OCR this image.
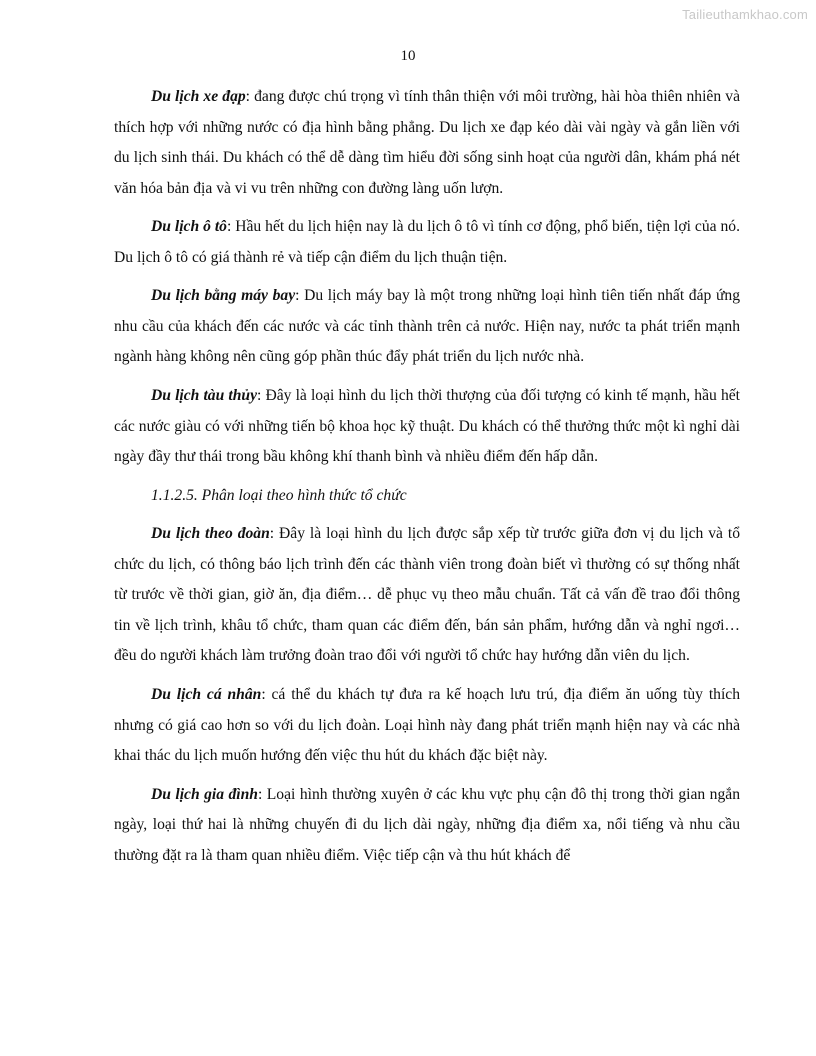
Tailieuthamkhao.com
10

Du lịch xe đạp: đang được chú trọng vì tính thân thiện với môi trường, hài hòa thiên nhiên và thích hợp với những nước có địa hình bằng phẳng. Du lịch xe đạp kéo dài vài ngày và gắn liền với du lịch sinh thái. Du khách có thể dễ dàng tìm hiểu đời sống sinh hoạt của người dân, khám phá nét văn hóa bản địa và vi vu trên những con đường làng uốn lượn.

Du lịch ô tô: Hầu hết du lịch hiện nay là du lịch ô tô vì tính cơ động, phổ biến, tiện lợi của nó. Du lịch ô tô có giá thành rẻ và tiếp cận điểm du lịch thuận tiện.

Du lịch bằng máy bay: Du lịch máy bay là một trong những loại hình tiên tiến nhất đáp ứng nhu cầu của khách đến các nước và các tỉnh thành trên cả nước. Hiện nay, nước ta phát triển mạnh ngành hàng không nên cũng góp phần thúc đẩy phát triển du lịch nước nhà.

Du lịch tàu thủy: Đây là loại hình du lịch thời thượng của đối tượng có kinh tế mạnh, hầu hết các nước giàu có với những tiến bộ khoa học kỹ thuật. Du khách có thể thưởng thức một kì nghỉ dài ngày đầy thư thái trong bầu không khí thanh bình và nhiều điểm đến hấp dẫn.

1.1.2.5. Phân loại theo hình thức tổ chức

Du lịch theo đoàn: Đây là loại hình du lịch được sắp xếp từ trước giữa đơn vị du lịch và tổ chức du lịch, có thông báo lịch trình đến các thành viên trong đoàn biết vì thường có sự thống nhất từ trước về thời gian, giờ ăn, địa điểm… dễ phục vụ theo mẫu chuẩn. Tất cả vấn đề trao đổi thông tin về lịch trình, khâu tổ chức, tham quan các điểm đến, bán sản phẩm, hướng dẫn và nghỉ ngơi… đều do người khách làm trưởng đoàn trao đổi với người tổ chức hay hướng dẫn viên du lịch.

Du lịch cá nhân: cá thể du khách tự đưa ra kế hoạch lưu trú, địa điểm ăn uống tùy thích nhưng có giá cao hơn so với du lịch đoàn. Loại hình này đang phát triển mạnh hiện nay và các nhà khai thác du lịch muốn hướng đến việc thu hút du khách đặc biệt này.

Du lịch gia đình: Loại hình thường xuyên ở các khu vực phụ cận đô thị trong thời gian ngắn ngày, loại thứ hai là những chuyến đi du lịch dài ngày, những địa điểm xa, nổi tiếng và nhu cầu thường đặt ra là tham quan nhiều điểm. Việc tiếp cận và thu hút khách để
